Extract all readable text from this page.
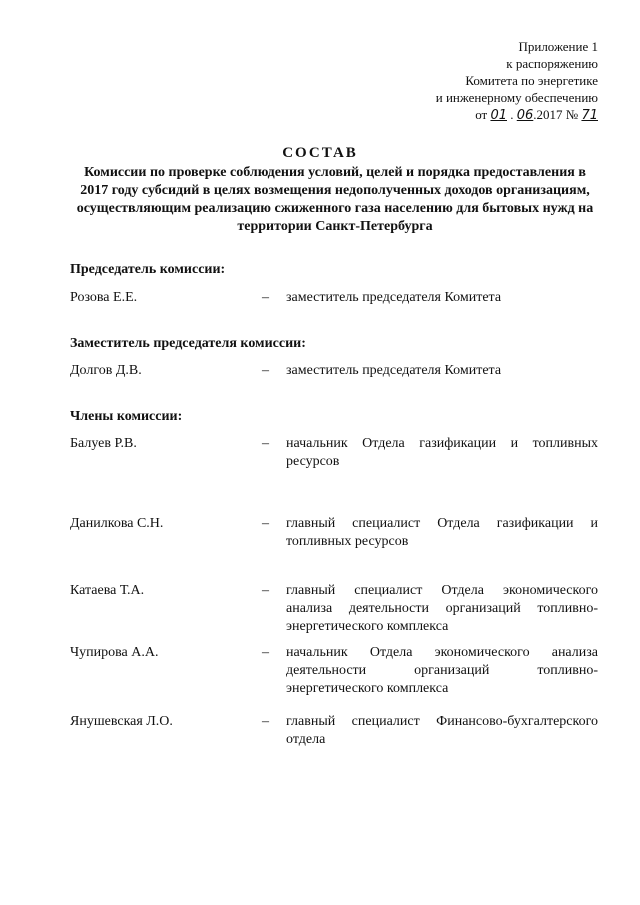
Приложение 1
к распоряжению
Комитета по энергетике
и инженерному обеспечению
от 01 . 06.2017 № 71
СОСТАВ
Комиссии по проверке соблюдения условий, целей и порядка предоставления в 2017 году субсидий в целях возмещения недополученных доходов организациям, осуществляющим реализацию сжиженного газа населению для бытовых нужд на территории Санкт-Петербурга
Председатель комиссии:
Розова Е.Е.	– заместитель председателя Комитета
Заместитель председателя комиссии:
Долгов Д.В.	– заместитель председателя Комитета
Члены комиссии:
Балуев Р.В.	– начальник Отдела газификации и топливных ресурсов
Данилкова С.Н.	– главный специалист Отдела газификации и топливных ресурсов
Катаева Т.А.	– главный специалист Отдела экономического анализа деятельности организаций топливно-энергетического комплекса
Чупирова А.А.	– начальник Отдела экономического анализа деятельности организаций топливно-энергетического комплекса
Янушевская Л.О.	– главный специалист Финансово-бухгалтерского отдела
